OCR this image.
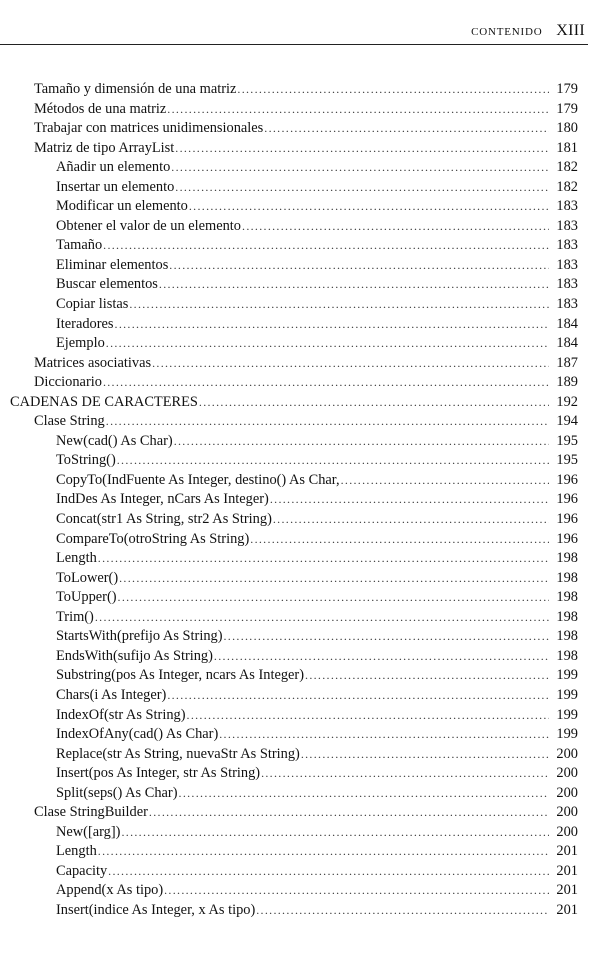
CONTENIDO XIII
Tamaño y dimensión de una matriz .....	179
Métodos de una matriz .....	179
Trabajar con matrices unidimensionales .....	180
Matriz de tipo ArrayList .....	181
Añadir un elemento .....	182
Insertar un elemento .....	182
Modificar un elemento .....	183
Obtener el valor de un elemento .....	183
Tamaño .....	183
Eliminar elementos .....	183
Buscar elementos .....	183
Copiar listas .....	183
Iteradores .....	184
Ejemplo .....	184
Matrices asociativas .....	187
Diccionario .....	189
CADENAS DE CARACTERES .....	192
Clase String .....	194
New(cad() As Char) .....	195
ToString() .....	195
CopyTo(IndFuente As Integer, destino() As Char, .....	196
IndDes As Integer, nCars As Integer) .....	196
Concat(str1 As String, str2 As String) .....	196
CompareTo(otroString As String) .....	196
Length .....	198
ToLower() .....	198
ToUpper() .....	198
Trim() .....	198
StartsWith(prefijo As String) .....	198
EndsWith(sufijo As String) .....	198
Substring(pos As Integer, ncars As Integer) .....	199
Chars(i As Integer) .....	199
IndexOf(str As String) .....	199
IndexOfAny(cad() As Char) .....	199
Replace(str As String, nuevaStr As String) .....	200
Insert(pos As Integer, str As String) .....	200
Split(seps() As Char) .....	200
Clase StringBuilder .....	200
New([arg]) .....	200
Length .....	201
Capacity .....	201
Append(x As tipo) .....	201
Insert(indice As Integer, x As tipo) .....	201
